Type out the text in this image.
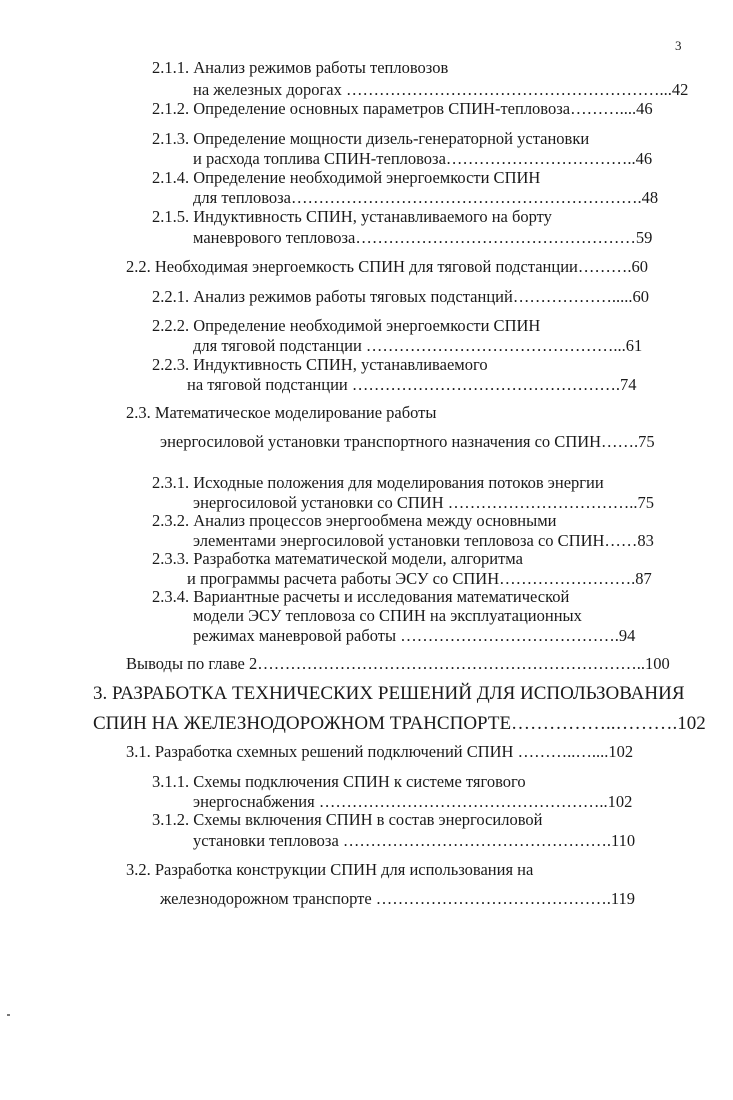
3
2.1.1. Анализ режимов работы тепловозов
на железных дорогах …………………………………………………...42
2.1.2. Определение основных параметров СПИН-тепловоза………....46
2.1.3. Определение мощности дизель-генераторной установки
и расхода топлива СПИН-тепловоза……………………………..46
2.1.4. Определение необходимой энергоемкости СПИН
для тепловоза……………………………………………………….48
2.1.5. Индуктивность СПИН, устанавливаемого на борту
маневрового тепловоза……………………………………………59
2.2. Необходимая энергоемкость СПИН для тяговой подстанции……….60
2.2.1. Анализ режимов работы тяговых подстанций……………….....60
2.2.2. Определение необходимой энергоемкости СПИН
для тяговой подстанции ………………………………………...61
2.2.3. Индуктивность СПИН, устанавливаемого
на тяговой подстанции ………………………………………….74
2.3. Математическое моделирование работы
энергосиловой установки транспортного назначения со СПИН…….75
2.3.1. Исходные положения для моделирования потоков энергии
энергосиловой установки со СПИН ……………………………..75
2.3.2. Анализ процессов энергообмена между основными
элементами энергосиловой установки тепловоза со СПИН……83
2.3.3. Разработка математической модели, алгоритма
и программы расчета работы ЭСУ со СПИН…………………….87
2.3.4. Вариантные расчеты и исследования математической
модели ЭСУ тепловоза со СПИН на эксплуатационных
режимах маневровой работы ………………………………….94
Выводы по главе 2……………………………………………………………..100
3. РАЗРАБОТКА ТЕХНИЧЕСКИХ РЕШЕНИЙ ДЛЯ ИСПОЛЬЗОВАНИЯ
СПИН НА ЖЕЛЕЗНОДОРОЖНОМ ТРАНСПОРТЕ……………..……….102
3.1. Разработка схемных решений подключений СПИН ………..…....102
3.1.1. Схемы подключения СПИН к системе тягового
энергоснабжения ……………………………………………..102
3.1.2. Схемы включения СПИН в состав энергосиловой
установки тепловоза ………………………………………….110
3.2. Разработка конструкции СПИН для использования на
железнодорожном транспорте …………………………………….119
